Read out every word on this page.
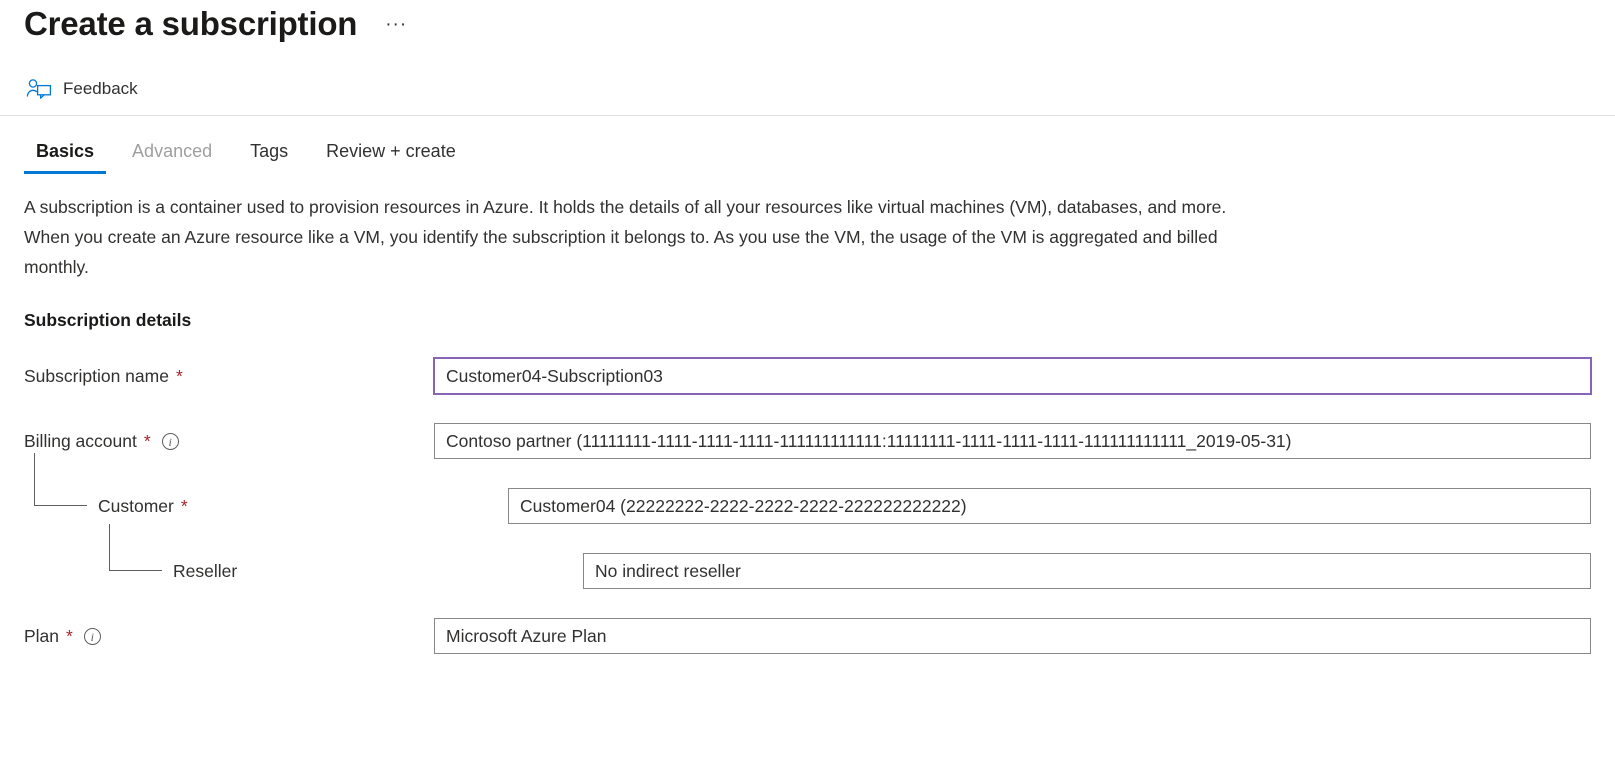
Create a subscription	···
Feedback
Basics	Advanced	Tags	Review + create

A subscription is a container used to provision resources in Azure. It holds the details of all your resources like virtual machines (VM), databases, and more. When you create an Azure resource like a VM, you identify the subscription it belongs to. As you use the VM, the usage of the VM is aggregated and billed monthly.

Subscription details
Subscription name *
Customer04-Subscription03
Billing account *	i
Contoso partner (11111111-1111-1111-1111-111111111111:11111111-1111-1111-1111-111111111111_2019-05-31)
Customer *
Customer04 (22222222-2222-2222-2222-222222222222)
Reseller
No indirect reseller
Plan *	i
Microsoft Azure Plan
